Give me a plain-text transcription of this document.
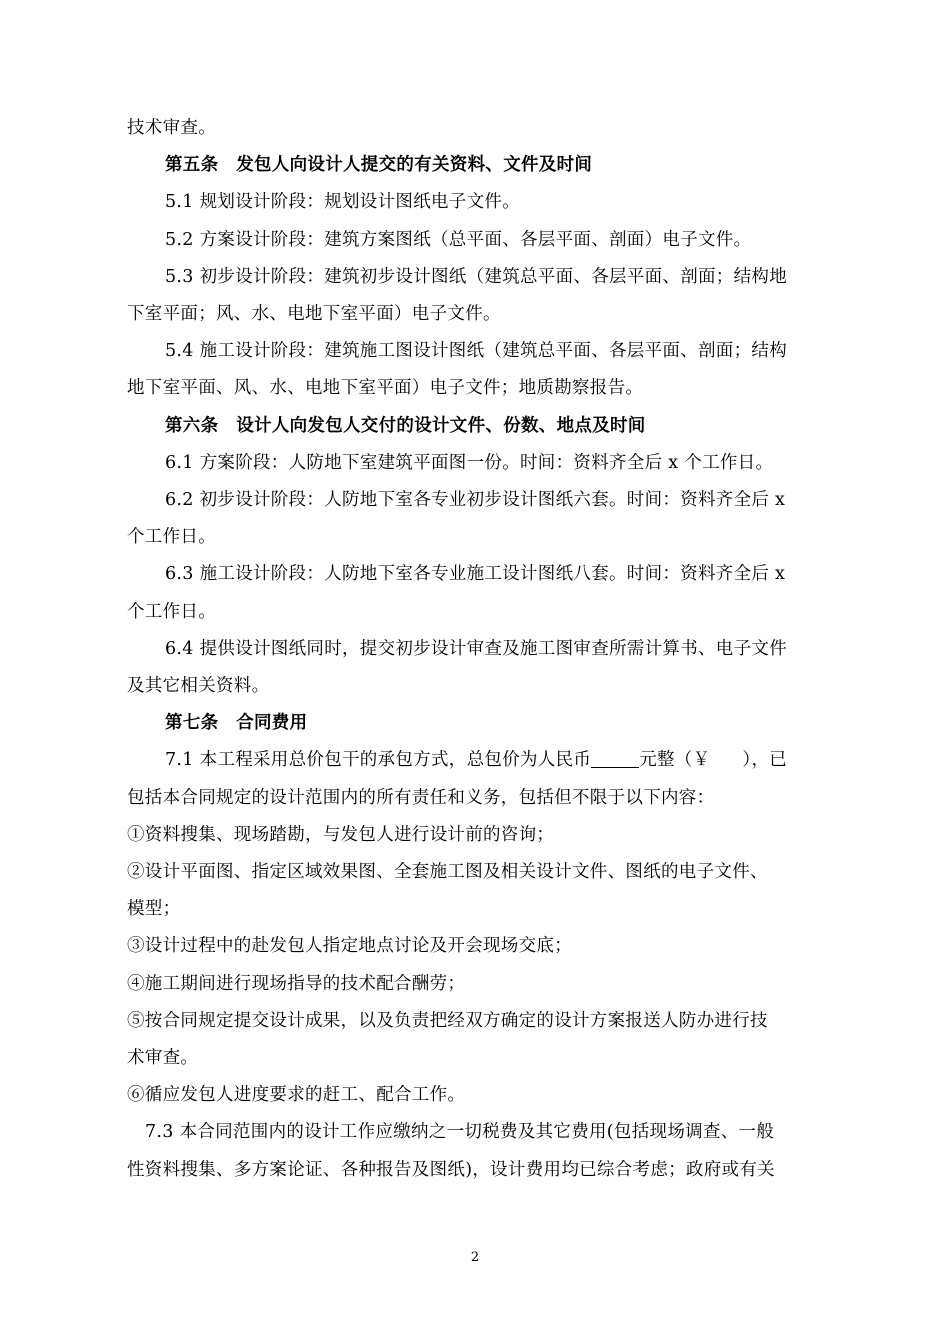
技术审查。

第五条　发包人向设计人提交的有关资料、文件及时间

5.1 规划设计阶段：规划设计图纸电子文件。

5.2 方案设计阶段：建筑方案图纸（总平面、各层平面、剖面）电子文件。

5.3 初步设计阶段：建筑初步设计图纸（建筑总平面、各层平面、剖面；结构地

下室平面；风、水、电地下室平面）电子文件。

5.4 施工设计阶段：建筑施工图设计图纸（建筑总平面、各层平面、剖面；结构

地下室平面、风、水、电地下室平面）电子文件；地质勘察报告。

第六条　设计人向发包人交付的设计文件、份数、地点及时间

6.1 方案阶段：人防地下室建筑平面图一份。时间：资料齐全后 x 个工作日。

6.2 初步设计阶段：人防地下室各专业初步设计图纸六套。时间：资料齐全后 x

个工作日。

6.3 施工设计阶段：人防地下室各专业施工设计图纸八套。时间：资料齐全后 x

个工作日。

6.4 提供设计图纸同时，提交初步设计审查及施工图审查所需计算书、电子文件

及其它相关资料。

第七条　合同费用

7.1 本工程采用总价包干的承包方式，总包价为人民币	元整（￥ ），已

包括本合同规定的设计范围内的所有责任和义务，包括但不限于以下内容：

①资料搜集、现场踏勘，与发包人进行设计前的咨询；

②设计平面图、指定区域效果图、全套施工图及相关设计文件、图纸的电子文件、

模型；

③设计过程中的赴发包人指定地点讨论及开会现场交底；

④施工期间进行现场指导的技术配合酬劳；

⑤按合同规定提交设计成果，以及负责把经双方确定的设计方案报送人防办进行技

术审查。

⑥循应发包人进度要求的赶工、配合工作。

7.3 本合同范围内的设计工作应缴纳之一切税费及其它费用(包括现场调查、一般

性资料搜集、多方案论证、各种报告及图纸)，设计费用均已综合考虑；政府或有关

2
